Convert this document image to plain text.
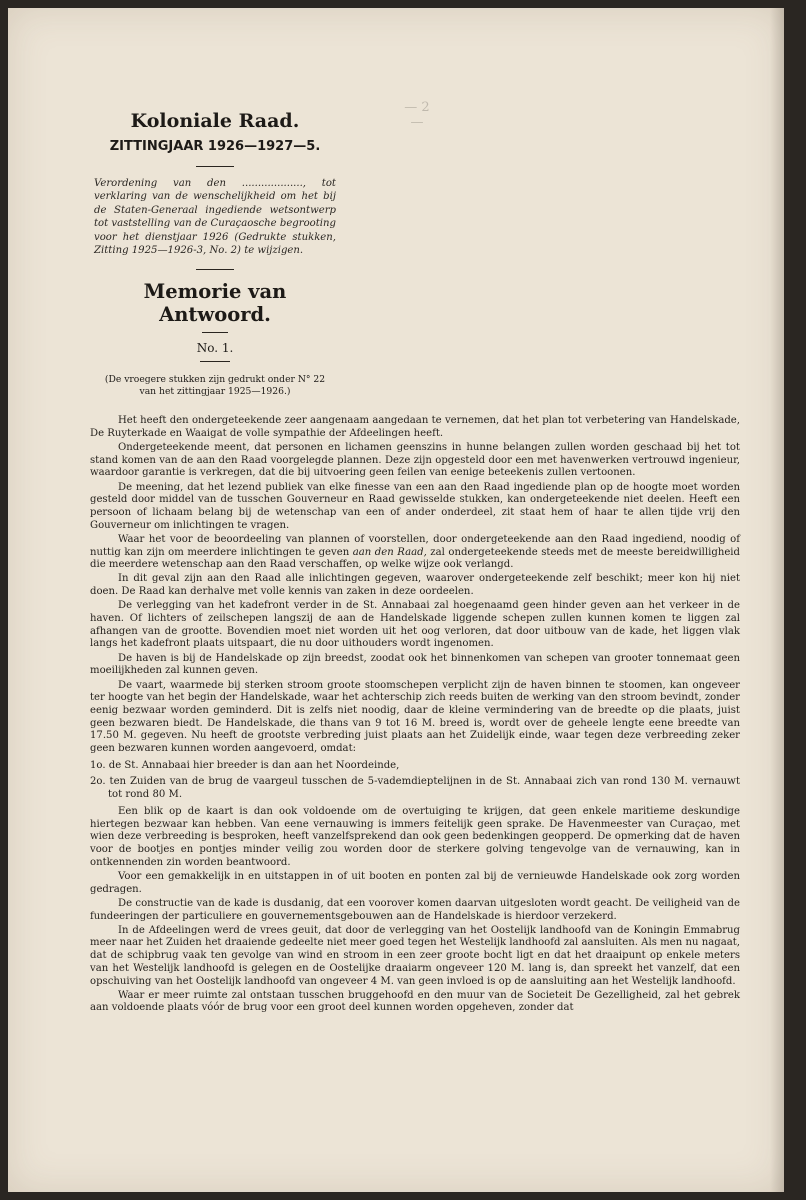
— 2 —

Koloniale Raad.

ZITTINGJAAR 1926—1927—5.

Verordening van den ..................., tot verklaring van de wenschelijkheid om het bij de Staten-Generaal ingediende wetsontwerp tot vaststelling van de Curaçaosche begrooting voor het dienstjaar 1926 (Gedrukte stukken, Zitting 1925—1926-3, No. 2) te wijzigen.

Memorie van Antwoord.

No. 1.

(De vroegere stukken zijn gedrukt onder N° 22 van het zittingjaar 1925—1926.)

Het heeft den ondergeteekende zeer aangenaam aangedaan te vernemen, dat het plan tot verbetering van Handelskade, De Ruyterkade en Waaigat de volle sympathie der Afdeelingen heeft.

Ondergeteekende meent, dat personen en lichamen geenszins in hunne belangen zullen worden geschaad bij het tot stand komen van de aan den Raad voorgelegde plannen. Deze zijn opgesteld door een met havenwerken vertrouwd ingenieur, waardoor garantie is verkregen, dat die bij uitvoering geen feilen van eenige beteekenis zullen vertoonen.

De meening, dat het lezend publiek van elke finesse van een aan den Raad ingediende plan op de hoogte moet worden gesteld door middel van de tusschen Gouverneur en Raad gewisselde stukken, kan ondergeteekende niet deelen. Heeft een persoon of lichaam belang bij de wetenschap van een of ander onderdeel, zit staat hem of haar te allen tijde vrij den Gouverneur om inlichtingen te vragen.

Waar het voor de beoordeeling van plannen of voorstellen, door ondergeteekende aan den Raad ingediend, noodig of nuttig kan zijn om meerdere inlichtingen te geven aan den Raad, zal ondergeteekende steeds met de meeste bereidwilligheid die meerdere wetenschap aan den Raad verschaffen, op welke wijze ook verlangd.

In dit geval zijn aan den Raad alle inlichtingen gegeven, waarover ondergeteekende zelf beschikt; meer kon hij niet doen. De Raad kan derhalve met volle kennis van zaken in deze oordeelen.

De verlegging van het kadefront verder in de St. Annabaai zal hoegenaamd geen hinder geven aan het verkeer in de haven. Of lichters of zeilschepen langszij de aan de Handelskade liggende schepen zullen kunnen komen te liggen zal afhangen van de grootte. Bovendien moet niet worden uit het oog verloren, dat door uitbouw van de kade, het liggen vlak langs het kadefront plaats uitspaart, die nu door uithouders wordt ingenomen.

De haven is bij de Handelskade op zijn breedst, zoodat ook het binnenkomen van schepen van grooter tonnemaat geen moeilijkheden zal kunnen geven.

De vaart, waarmede bij sterken stroom groote stoomschepen verplicht zijn de haven binnen te stoomen, kan ongeveer ter hoogte van het begin der Handelskade, waar het achterschip zich reeds buiten de werking van den stroom bevindt, zonder eenig bezwaar worden geminderd. Dit is zelfs niet noodig, daar de kleine vermindering van de breedte op die plaats, juist geen bezwaren biedt. De Handelskade, die thans van 9 tot 16 M. breed is, wordt over de geheele lengte eene breedte van 17.50 M. gegeven. Nu heeft de grootste verbreding juist plaats aan het Zuidelijk einde, waar tegen deze verbreeding zeker geen bezwaren kunnen worden aangevoerd, omdat:

1o. de St. Annabaai hier breeder is dan aan het Noordeinde,

2o. ten Zuiden van de brug de vaargeul tusschen de 5-vademdieptelijnen in de St. Annabaai zich van rond 130 M. vernauwt tot rond 80 M.

Een blik op de kaart is dan ook voldoende om de overtuiging te krijgen, dat geen enkele maritieme deskundige hiertegen bezwaar kan hebben. Van eene vernauwing is immers feitelijk geen sprake. De Havenmeester van Curaçao, met wien deze verbreeding is besproken, heeft vanzelfsprekend dan ook geen bedenkingen geopperd. De opmerking dat de haven voor de bootjes en pontjes minder veilig zou worden door de sterkere golving tengevolge van de vernauwing, kan in ontkennenden zin worden beantwoord.

Voor een gemakkelijk in en uitstappen in of uit booten en ponten zal bij de vernieuwde Handelskade ook zorg worden gedragen.

De constructie van de kade is dusdanig, dat een voorover komen daarvan uitgesloten wordt geacht. De veiligheid van de fundeeringen der particuliere en gouvernementsgebouwen aan de Handelskade is hierdoor verzekerd.

In de Afdeelingen werd de vrees geuit, dat door de verlegging van het Oostelijk landhoofd van de Koningin Emmabrug meer naar het Zuiden het draaiende gedeelte niet meer goed tegen het Westelijk landhoofd zal aansluiten. Als men nu nagaat, dat de schipbrug vaak ten gevolge van wind en stroom in een zeer groote bocht ligt en dat het draaipunt op enkele meters van het Westelijk landhoofd is gelegen en de Oostelijke draaiarm ongeveer 120 M. lang is, dan spreekt het vanzelf, dat een opschuiving van het Oostelijk landhoofd van ongeveer 4 M. van geen invloed is op de aansluiting aan het Westelijk landhoofd.

Waar er meer ruimte zal ontstaan tusschen bruggehoofd en den muur van de Societeit De Gezelligheid, zal het gebrek aan voldoende plaats vóór de brug voor een groot deel kunnen worden opgeheven, zonder dat
